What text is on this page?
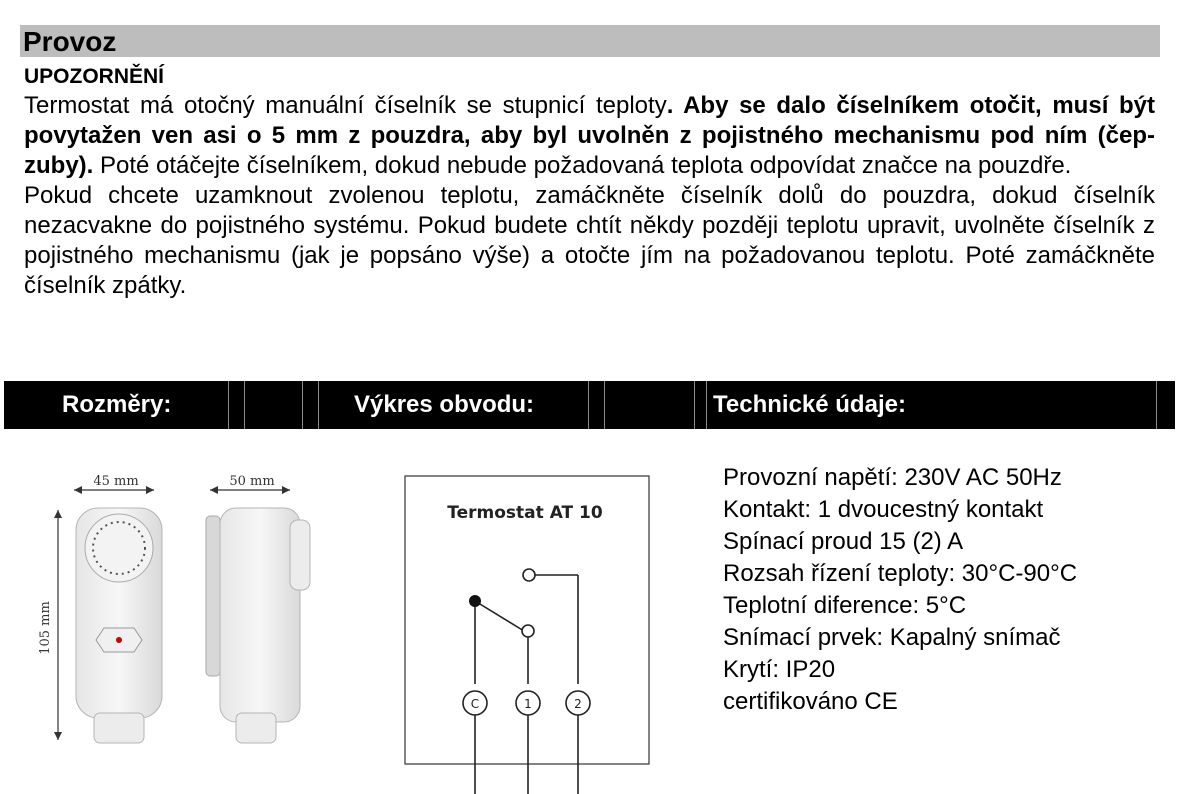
Provoz
UPOZORNĚNÍ

Termostat má otočný manuální číselník se stupnicí teploty. Aby se dalo číselníkem otočit, musí být povytažen ven asi o 5 mm z pouzdra, aby byl uvolněn z pojistného mechanismu pod ním (čep-zuby). Poté otáčejte číselníkem, dokud nebude požadovaná teplota odpovídat značce na pouzdře.

Pokud chcete uzamknout zvolenou teplotu, zamáčkněte číselník dolů do pouzdra, dokud číselník nezacvakne do pojistného systému. Pokud budete chtít někdy později teplotu upravit, uvolněte číselník z pojistného mechanismu (jak je popsáno výše) a otočte jím na požadovanou teplotu. Poté zamáčkněte číselník zpátky.

Rozměry:	Výkres obvodu:	Technické údaje:
45 mm
105 mm
50 mm
Termostat AT 10
C	1	2
Provozní napětí: 230V AC 50Hz
Kontakt: 1 dvoucestný kontakt
Spínací proud 15 (2) A
Rozsah řízení teploty: 30°C-90°C
Teplotní diference: 5°C
Snímací prvek: Kapalný snímač
Krytí: IP20
certifikováno CE
